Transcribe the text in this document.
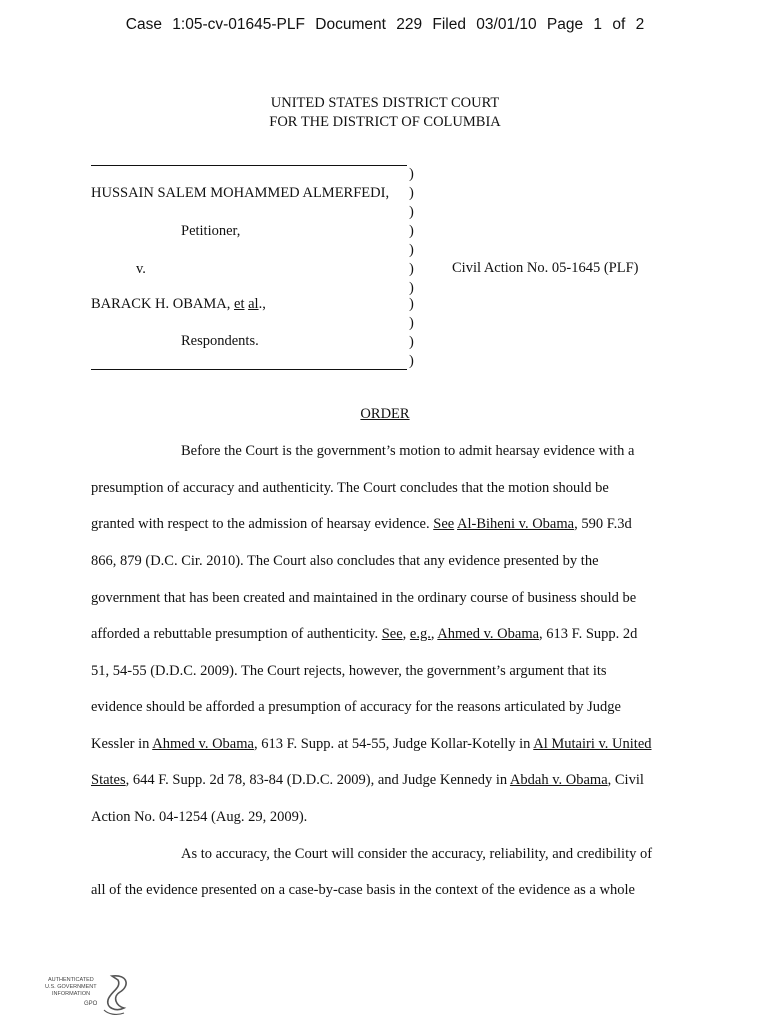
Case 1:05-cv-01645-PLF Document 229 Filed 03/01/10 Page 1 of 2
UNITED STATES DISTRICT COURT
FOR THE DISTRICT OF COLUMBIA
HUSSAIN SALEM MOHAMMED ALMERFEDI,
Petitioner,
v.	Civil Action No. 05-1645 (PLF)
BARACK H. OBAMA, et al.,
Respondents.
)
)
)
)
)
)
)
)
)
)
)
ORDER
Before the Court is the government’s motion to admit hearsay evidence with a
presumption of accuracy and authenticity. The Court concludes that the motion should be
granted with respect to the admission of hearsay evidence. See Al-Biheni v. Obama, 590 F.3d
866, 879 (D.C. Cir. 2010). The Court also concludes that any evidence presented by the
government that has been created and maintained in the ordinary course of business should be
afforded a rebuttable presumption of authenticity. See, e.g., Ahmed v. Obama, 613 F. Supp. 2d
51, 54-55 (D.D.C. 2009). The Court rejects, however, the government’s argument that its
evidence should be afforded a presumption of accuracy for the reasons articulated by Judge
Kessler in Ahmed v. Obama, 613 F. Supp. at 54-55, Judge Kollar-Kotelly in Al Mutairi v. United
States, 644 F. Supp. 2d 78, 83-84 (D.D.C. 2009), and Judge Kennedy in Abdah v. Obama, Civil
Action No. 04-1254 (Aug. 29, 2009).
As to accuracy, the Court will consider the accuracy, reliability, and credibility of
all of the evidence presented on a case-by-case basis in the context of the evidence as a whole
AUTHENTICATED
U.S. GOVERNMENT
INFORMATION
GPO
